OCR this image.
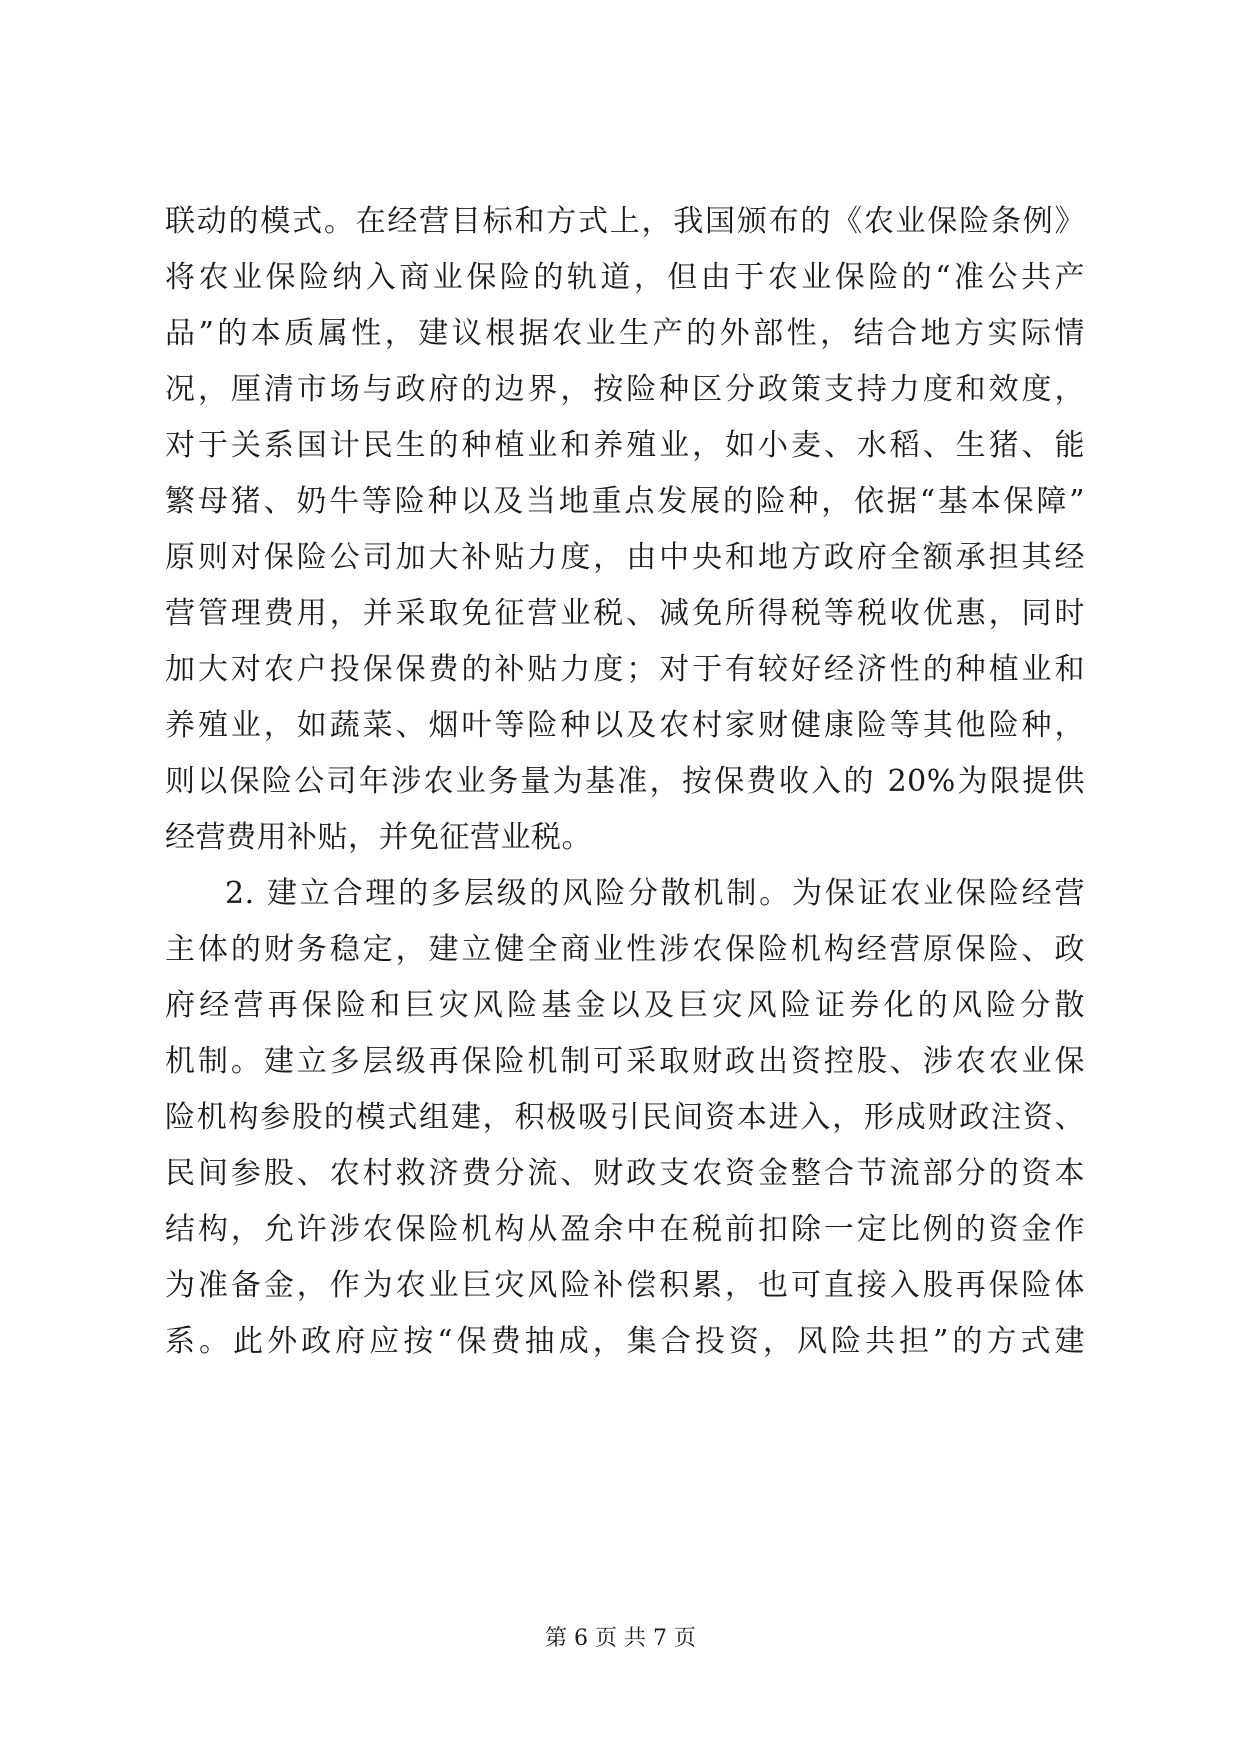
联动的模式。在经营目标和方式上，我国颁布的《农业保险条例》
将农业保险纳入商业保险的轨道，但由于农业保险的“准公共产
品”的本质属性，建议根据农业生产的外部性，结合地方实际情
况，厘清市场与政府的边界，按险种区分政策支持力度和效度，
对于关系国计民生的种植业和养殖业，如小麦、水稻、生猪、能
繁母猪、奶牛等险种以及当地重点发展的险种，依据“基本保障”
原则对保险公司加大补贴力度，由中央和地方政府全额承担其经
营管理费用，并采取免征营业税、减免所得税等税收优惠，同时
加大对农户投保保费的补贴力度；对于有较好经济性的种植业和
养殖业，如蔬菜、烟叶等险种以及农村家财健康险等其他险种，
则以保险公司年涉农业务量为基准，按保费收入的 20%为限提供
经营费用补贴，并免征营业税。
2. 建立合理的多层级的风险分散机制。为保证农业保险经营
主体的财务稳定，建立健全商业性涉农保险机构经营原保险、政
府经营再保险和巨灾风险基金以及巨灾风险证券化的风险分散
机制。建立多层级再保险机制可采取财政出资控股、涉农农业保
险机构参股的模式组建，积极吸引民间资本进入，形成财政注资、
民间参股、农村救济费分流、财政支农资金整合节流部分的资本
结构，允许涉农保险机构从盈余中在税前扣除一定比例的资金作
为准备金，作为农业巨灾风险补偿积累，也可直接入股再保险体
系。此外政府应按“保费抽成，集合投资，风险共担”的方式建
第 6 页 共 7 页
